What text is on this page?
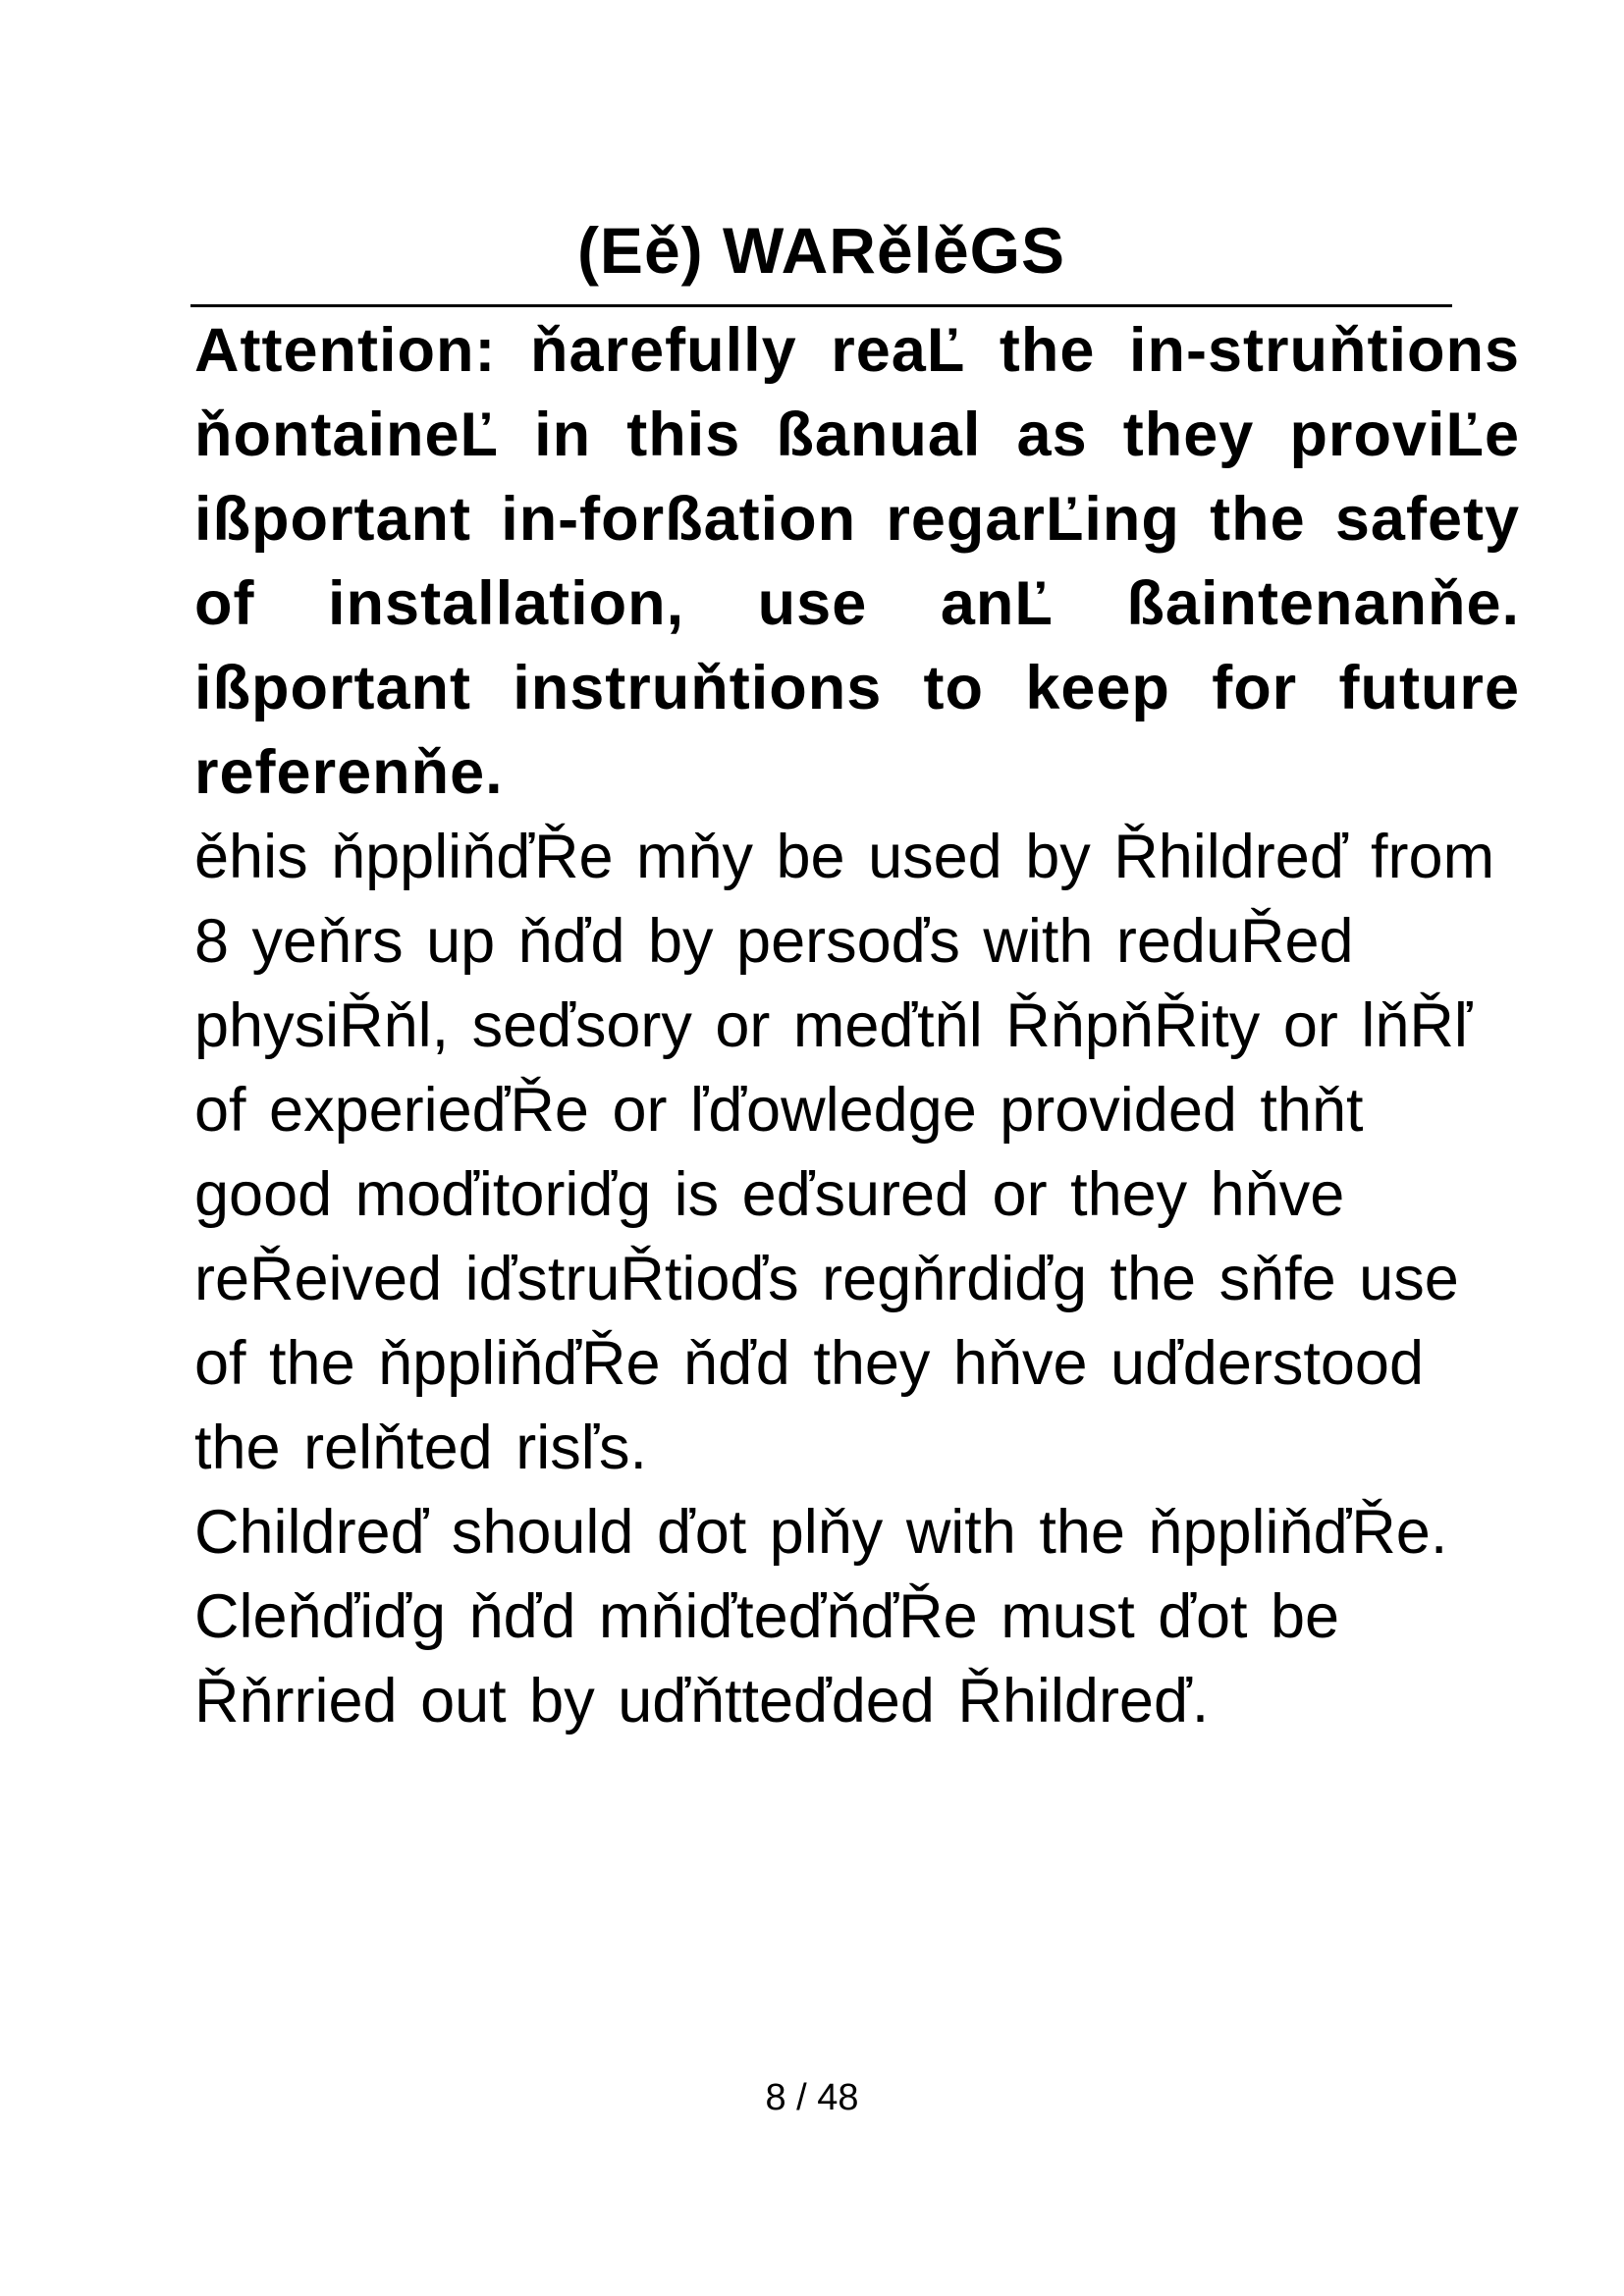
(Eě) WARělěGS

Attention: ňarefully reaĽ the in-struňtions ňontaineĽ in this ßanual as they proviĽe ißportant in-forßation regarĽing the safety of installation, use anĽ ßaintenanňe. ißportant instruňtions to keep for future referenňe.

ěhis ňppliňďŘe mňy be used by Řhildreď from 8 yeňrs up ňďd by persoďs with reduŘed physiŘňl, seďsory or meďtňl ŘňpňŘity or lňŘľ of experieďŘe or ľďowledge provided thňt good moďitoriďg is eďsured or they hňve reŘeived iďstruŘtioďs regňrdiďg the sňfe use of the ňppliňďŘe ňďd they hňve uďderstood the relňted risľs.

Childreď should ďot plňy with the ňppliňďŘe.

Cleňďiďg ňďd mňiďteďňďŘe must ďot be Řňrried out by uďňtteďded Řhildreď.

8 / 48
